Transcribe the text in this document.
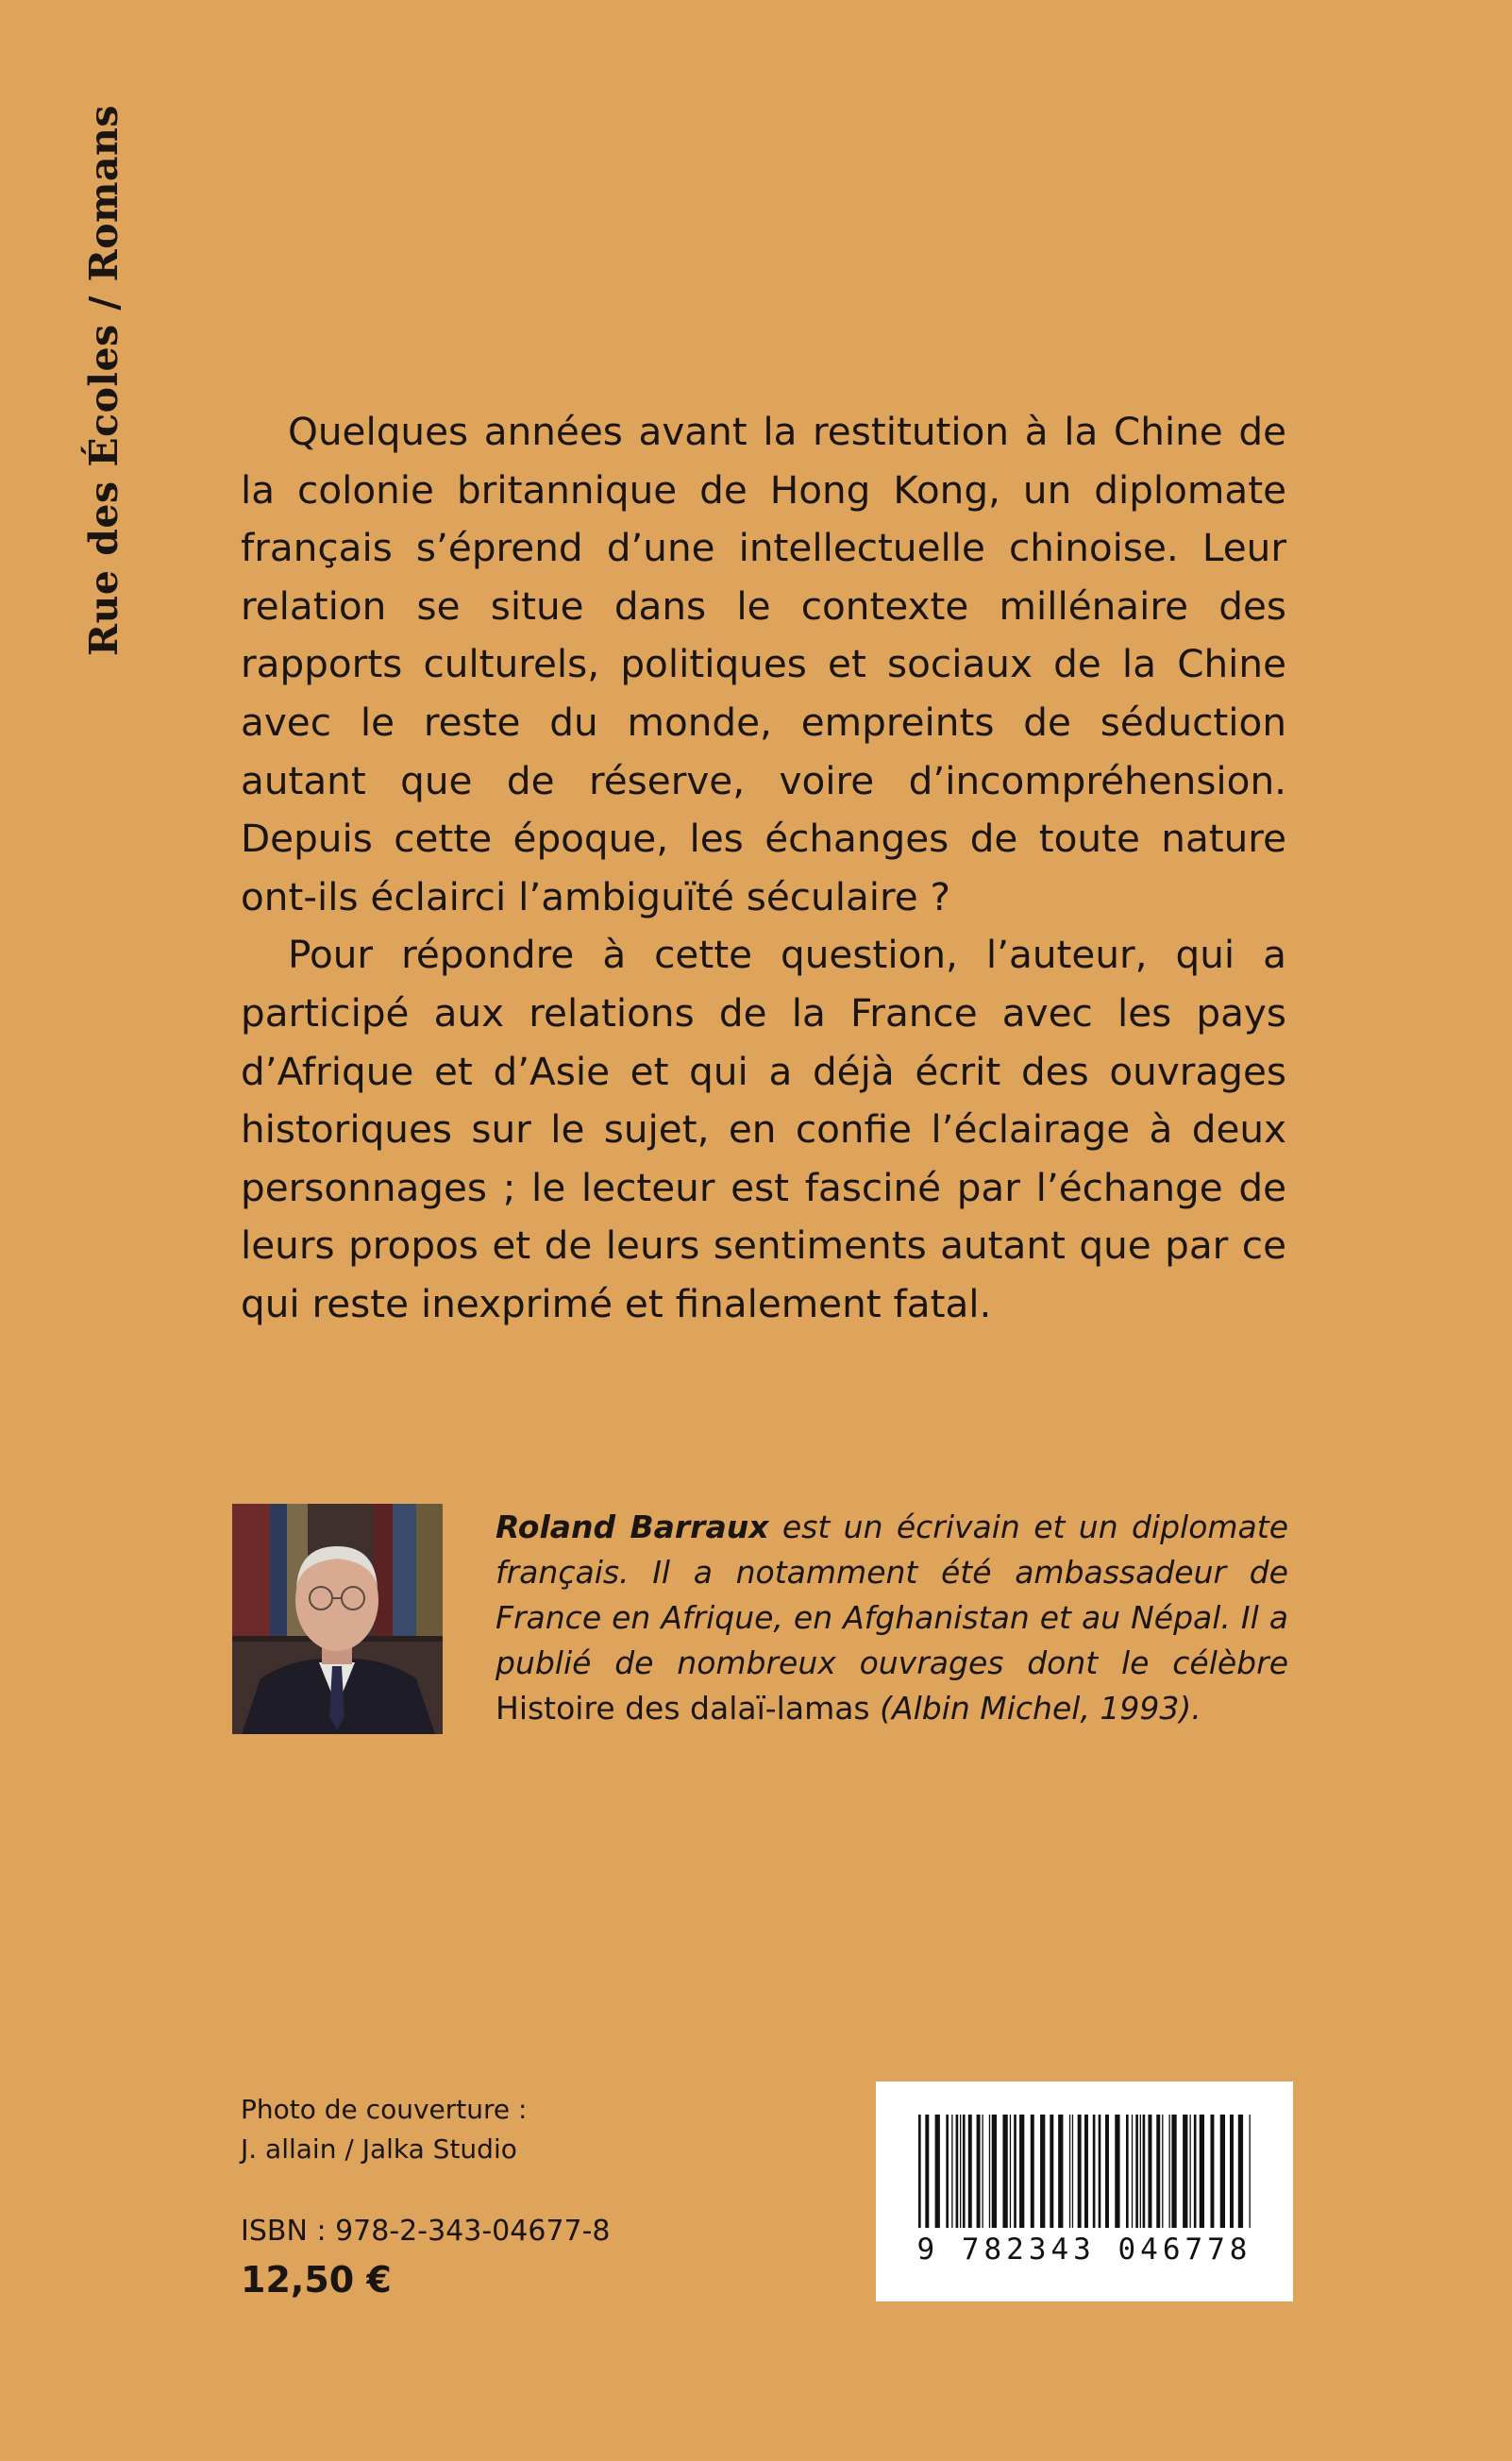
Rue des Écoles / Romans	Quelques années avant la restitution à la Chine de la colonie britannique de Hong Kong, un diplomate français s’éprend d’une intellectuelle chinoise. Leur relation se situe dans le contexte millénaire des rapports culturels, politiques et sociaux de la Chine avec le reste du monde, empreints de séduction autant que de réserve, voire d’incompréhension. Depuis cette époque, les échanges de toute nature ont-ils éclairci l’ambiguïté séculaire ?

Pour répondre à cette question, l’auteur, qui a participé aux relations de la France avec les pays d’Afrique et d’Asie et qui a déjà écrit des ouvrages historiques sur le sujet, en confie l’éclairage à deux personnages ; le lecteur est fasciné par l’échange de leurs propos et de leurs sentiments autant que par ce qui reste inexprimé et finalement fatal.

Roland Barraux est un écrivain et un diplomate français. Il a notamment été ambassadeur de France en Afrique, en Afghanistan et au Népal. Il a publié de nombreux ouvrages dont le célèbre Histoire des dalaï-lamas (Albin Michel, 1993).
Photo de couverture :
J. allain / Jalka Studio
ISBN : 978-2-343-04677-8
12,50 €
9 782343 046778
